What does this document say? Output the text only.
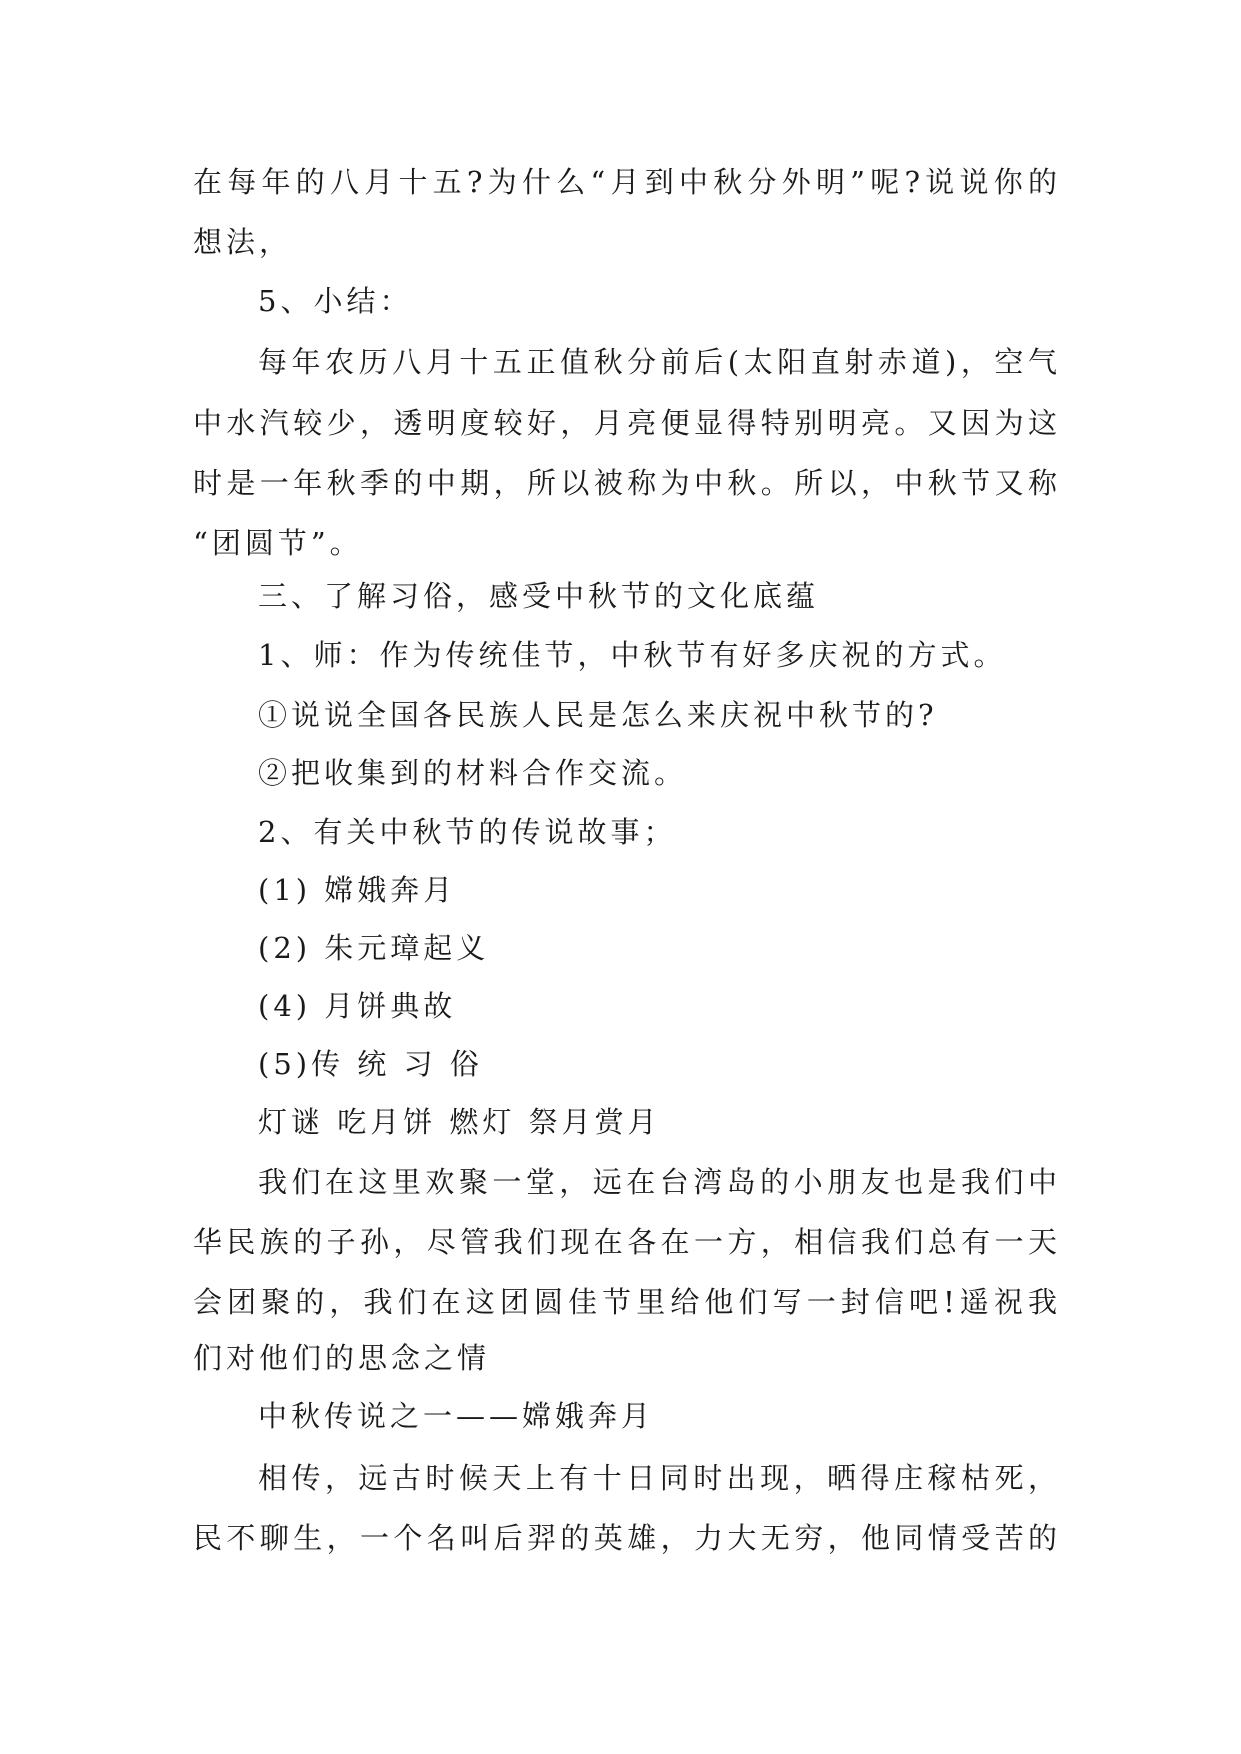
在每年的八月十五?为什么“月到中秋分外明”呢?说说你的
想法，
5、小结：
每年农历八月十五正值秋分前后(太阳直射赤道)，空气
中水汽较少，透明度较好，月亮便显得特别明亮。又因为这
时是一年秋季的中期，所以被称为中秋。所以，中秋节又称
“团圆节”。
三、了解习俗，感受中秋节的文化底蕴
1、师：作为传统佳节，中秋节有好多庆祝的方式。
①说说全国各民族人民是怎么来庆祝中秋节的?
②把收集到的材料合作交流。
2、有关中秋节的传说故事；
(1) 嫦娥奔月
(2) 朱元璋起义
(4) 月饼典故
(5)传 统 习 俗
灯谜 吃月饼 燃灯 祭月赏月
我们在这里欢聚一堂，远在台湾岛的小朋友也是我们中
华民族的子孙，尽管我们现在各在一方，相信我们总有一天
会团聚的，我们在这团圆佳节里给他们写一封信吧!遥祝我
们对他们的思念之情
中秋传说之一——嫦娥奔月
相传，远古时候天上有十日同时出现，晒得庄稼枯死，
民不聊生，一个名叫后羿的英雄，力大无穷，他同情受苦的
